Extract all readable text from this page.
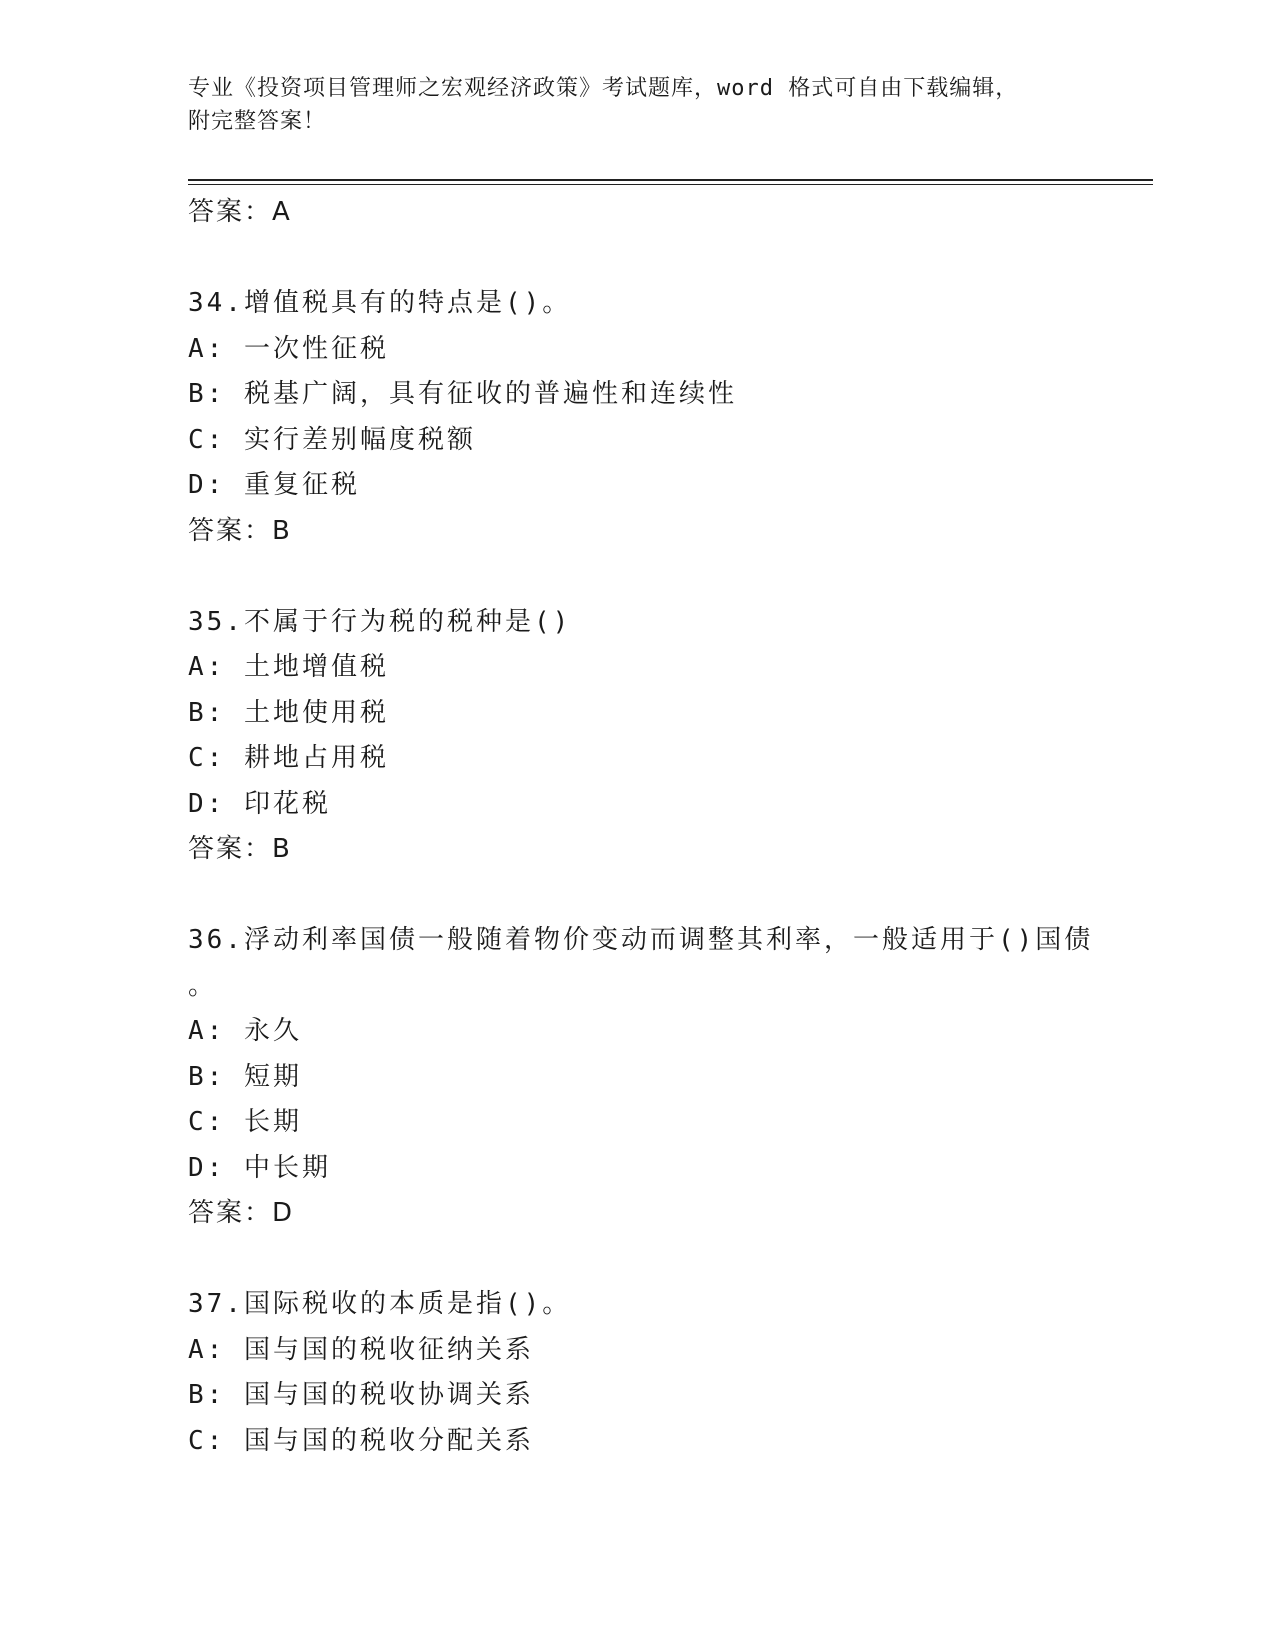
专业《投资项目管理师之宏观经济政策》考试题库，word 格式可自由下载编辑，
附完整答案！
答案：A
34.增值税具有的特点是()。
A: 一次性征税
B: 税基广阔，具有征收的普遍性和连续性
C: 实行差别幅度税额
D: 重复征税
答案：B
35.不属于行为税的税种是()
A: 土地增值税
B: 土地使用税
C: 耕地占用税
D: 印花税
答案：B
36.浮动利率国债一般随着物价变动而调整其利率，一般适用于()国债
。
A: 永久
B: 短期
C: 长期
D: 中长期
答案：D
37.国际税收的本质是指()。
A: 国与国的税收征纳关系
B: 国与国的税收协调关系
C: 国与国的税收分配关系
